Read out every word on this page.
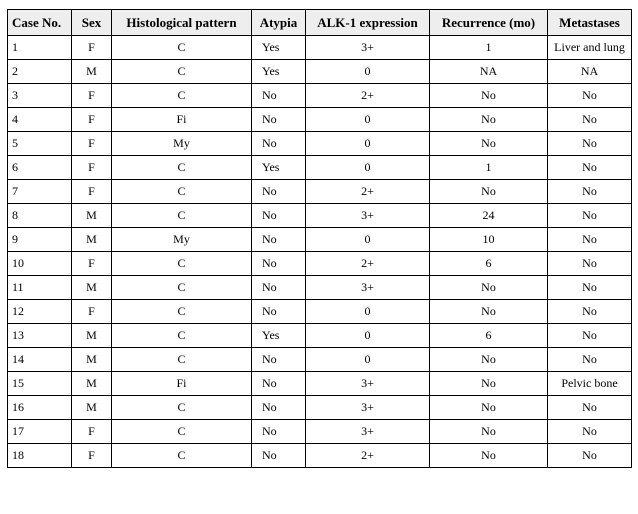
Case No.	Sex	Histological pattern	Atypia	ALK-1 expression	Recurrence (mo)	Metastases
1	F	C	Yes	3+	1	Liver and lung
2	M	C	Yes	0	NA	NA
3	F	C	No	2+	No	No
4	F	Fi	No	0	No	No
5	F	My	No	0	No	No
6	F	C	Yes	0	1	No
7	F	C	No	2+	No	No
8	M	C	No	3+	24	No
9	M	My	No	0	10	No
10	F	C	No	2+	6	No
11	M	C	No	3+	No	No
12	F	C	No	0	No	No
13	M	C	Yes	0	6	No
14	M	C	No	0	No	No
15	M	Fi	No	3+	No	Pelvic bone
16	M	C	No	3+	No	No
17	F	C	No	3+	No	No
18	F	C	No	2+	No	No
